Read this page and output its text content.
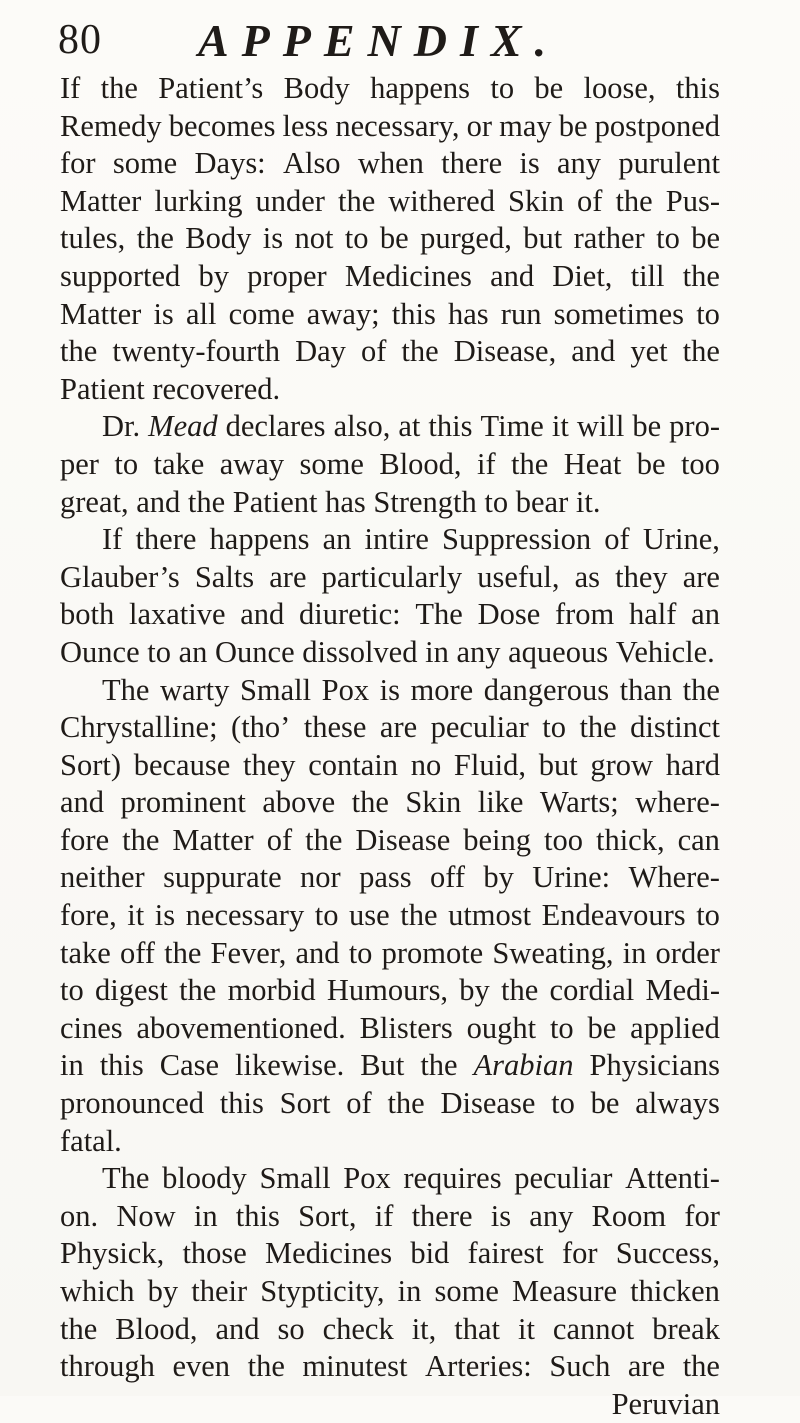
80 APPENDIX.
If the Patient’s Body happens to be loose, this
Remedy becomes less necessary, or may be postponed
for some Days: Also when there is any purulent
Matter lurking under the withered Skin of the Pus-
tules, the Body is not to be purged, but rather to be
supported by proper Medicines and Diet, till the
Matter is all come away; this has run sometimes to
the twenty-fourth Day of the Disease, and yet the
Patient recovered.
Dr. Mead declares also, at this Time it will be pro-
per to take away some Blood, if the Heat be too
great, and the Patient has Strength to bear it.
If there happens an intire Suppression of Urine,
Glauber’s Salts are particularly useful, as they are
both laxative and diuretic: The Dose from half an
Ounce to an Ounce dissolved in any aqueous Vehicle.
The warty Small Pox is more dangerous than the
Chrystalline; (tho’ these are peculiar to the distinct
Sort) because they contain no Fluid, but grow hard
and prominent above the Skin like Warts; where-
fore the Matter of the Disease being too thick, can
neither suppurate nor pass off by Urine: Where-
fore, it is necessary to use the utmost Endeavours to
take off the Fever, and to promote Sweating, in order
to digest the morbid Humours, by the cordial Medi-
cines abovementioned. Blisters ought to be applied
in this Case likewise. But the Arabian Physicians
pronounced this Sort of the Disease to be always
fatal.
The bloody Small Pox requires peculiar Attenti-
on. Now in this Sort, if there is any Room for
Physick, those Medicines bid fairest for Success,
which by their Stypticity, in some Measure thicken
the Blood, and so check it, that it cannot break
through even the minutest Arteries: Such are the
Peruvian
